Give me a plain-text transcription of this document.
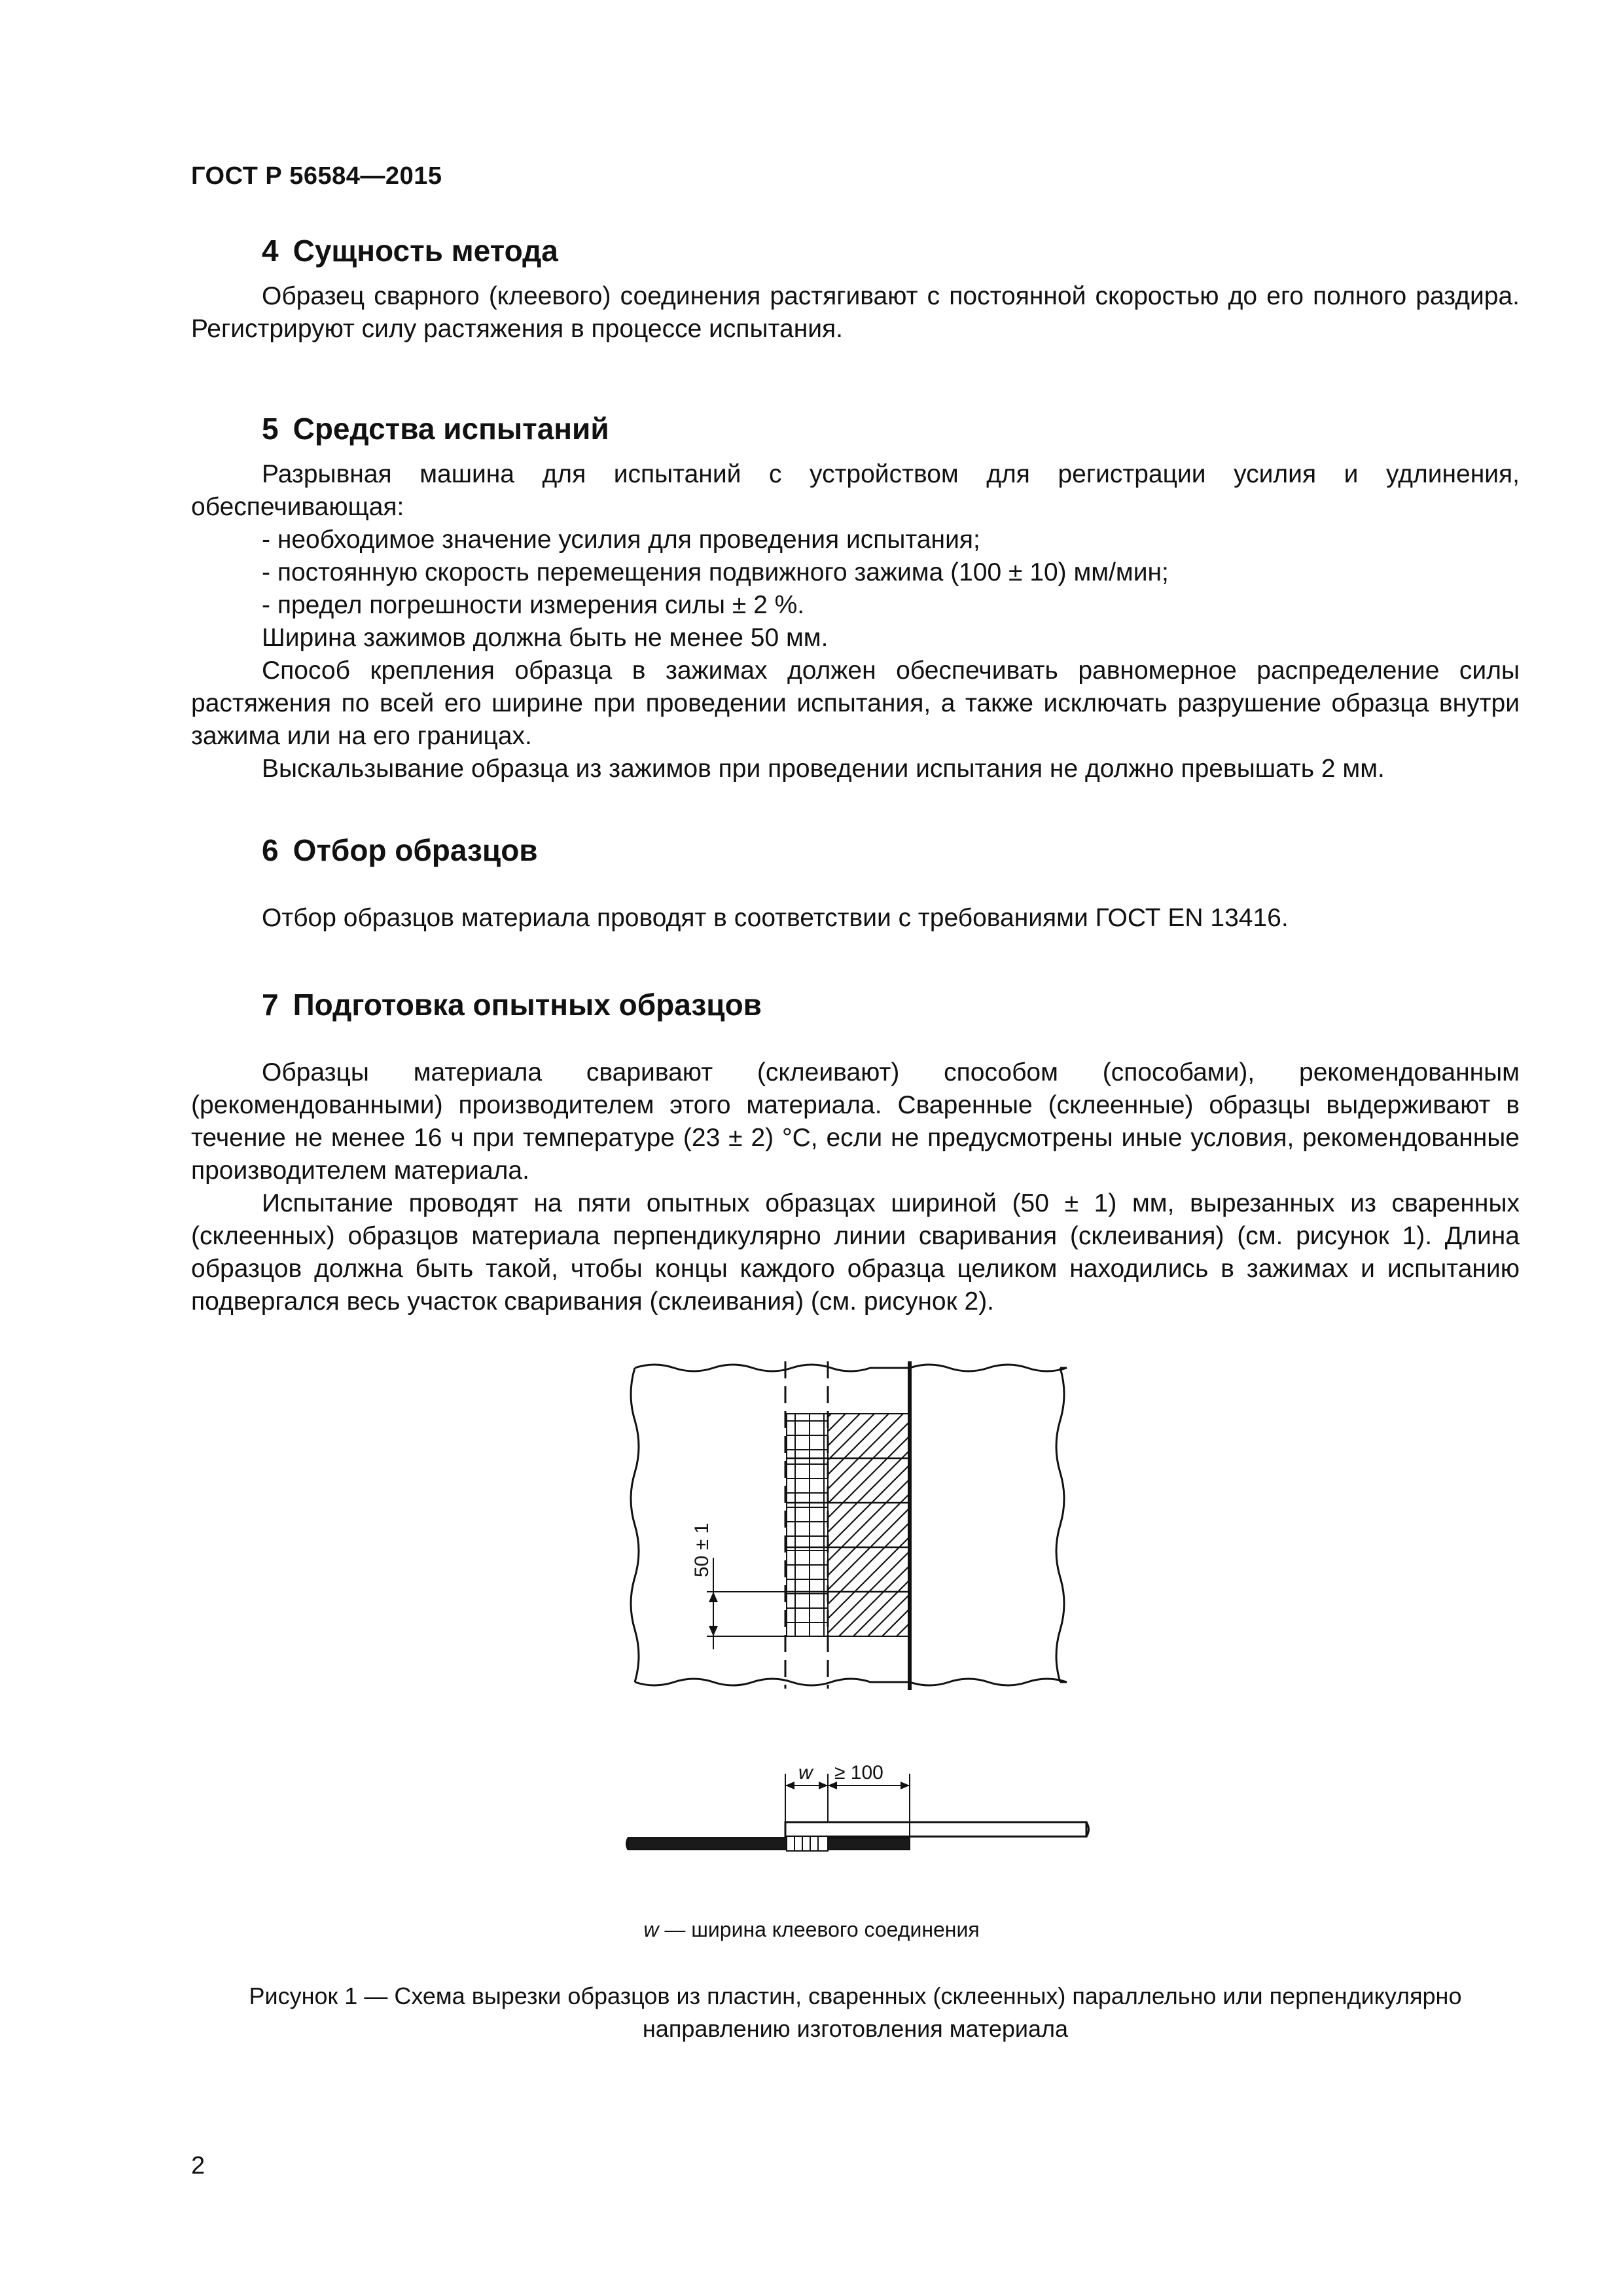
ГОСТ Р 56584—2015
4 Сущность метода

Образец сварного (клеевого) соединения растягивают с постоянной скоростью до его полного раздира. Регистрируют силу растяжения в процессе испытания.

5 Средства испытаний

Разрывная машина для испытаний с устройством для регистрации усилия и удлинения, обеспечивающая:

- необходимое значение усилия для проведения испытания;

- постоянную скорость перемещения подвижного зажима (100 ± 10) мм/мин;

- предел погрешности измерения силы ± 2 %.

Ширина зажимов должна быть не менее 50 мм.

Способ крепления образца в зажимах должен обеспечивать равномерное распределение силы растяжения по всей его ширине при проведении испытания, а также исключать разрушение образца внутри зажима или на его границах.

Выскальзывание образца из зажимов при проведении испытания не должно превышать 2 мм.

6 Отбор образцов

Отбор образцов материала проводят в соответствии с требованиями ГОСТ EN 13416.

7 Подготовка опытных образцов

Образцы материала сваривают (склеивают) способом (способами), рекомендованным (рекомендованными) производителем этого материала. Сваренные (склеенные) образцы выдерживают в течение не менее 16 ч при температуре (23 ± 2) °С, если не предусмотрены иные условия, рекомендованные производителем материала.

Испытание проводят на пяти опытных образцах шириной (50 ± 1) мм, вырезанных из сваренных (склеенных) образцов материала перпендикулярно линии сваривания (склеивания) (см. рисунок 1). Длина образцов должна быть такой, чтобы концы каждого образца целиком находились в зажимах и испытанию подвергался весь участок сваривания (склеивания) (см. рисунок 2).

50 ± 1
w ≥ 100
w — ширина клеевого соединения
Рисунок 1 — Схема вырезки образцов из пластин, сваренных (склеенных) параллельно или перпендикулярно
направлению изготовления материала
2
